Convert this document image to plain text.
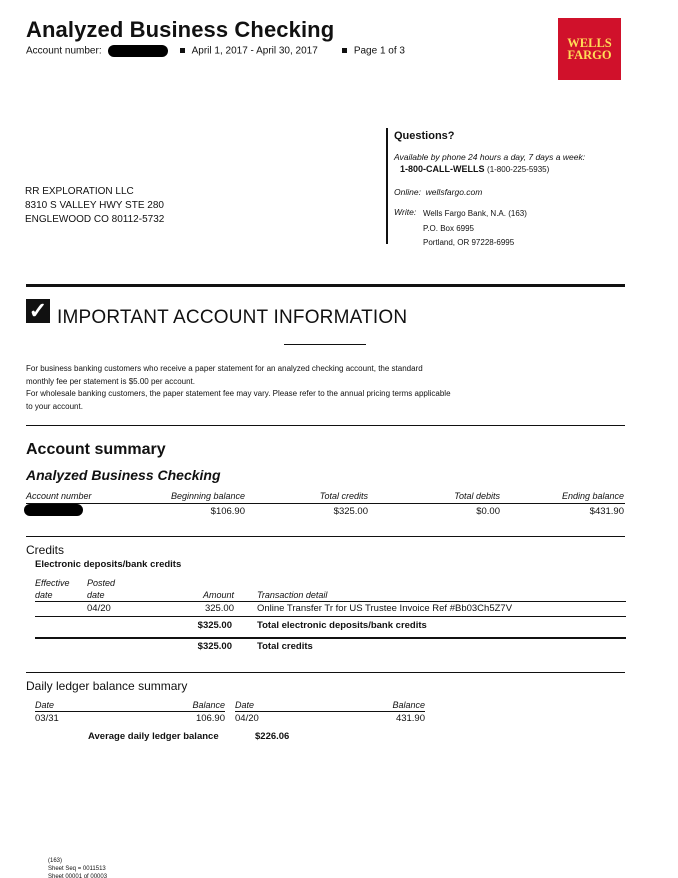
Analyzed Business Checking
Account number:	April 1, 2017 - April 30, 2017	Page 1 of 3
WELLS
FARGO
RR EXPLORATION LLC
8310 S VALLEY HWY STE 280
ENGLEWOOD CO 80112-5732
Questions?
Available by phone 24 hours a day, 7 days a week:
1-800-CALL-WELLS (1-800-225-5935)
Online: wellsfargo.com
Write: Wells Fargo Bank, N.A. (163)
P.O. Box 6995
Portland, OR 97228-6995
✓ IMPORTANT ACCOUNT INFORMATION
For business banking customers who receive a paper statement for an analyzed checking account, the standard
monthly fee per statement is $5.00 per account.
For wholesale banking customers, the paper statement fee may vary. Please refer to the annual pricing terms applicable
to your account.
Account summary
Analyzed Business Checking
Account number	Beginning balance	Total credits	Total debits	Ending balance
$106.90	$325.00	$0.00	$431.90
Credits
Electronic deposits/bank credits
Effective
date
Posted
date	Amount	Transaction detail
04/20	325.00 Online Transfer Tr for US Trustee Invoice Ref #Bb03Ch5Z7V
$325.00	Total electronic deposits/bank credits
$325.00	Total credits
Daily ledger balance summary
Date	Balance Date	Balance
03/31	106.90 04/20	431.90
Average daily ledger balance	$226.06
(163)
Sheet Seq = 0011513
Sheet 00001 of 00003
